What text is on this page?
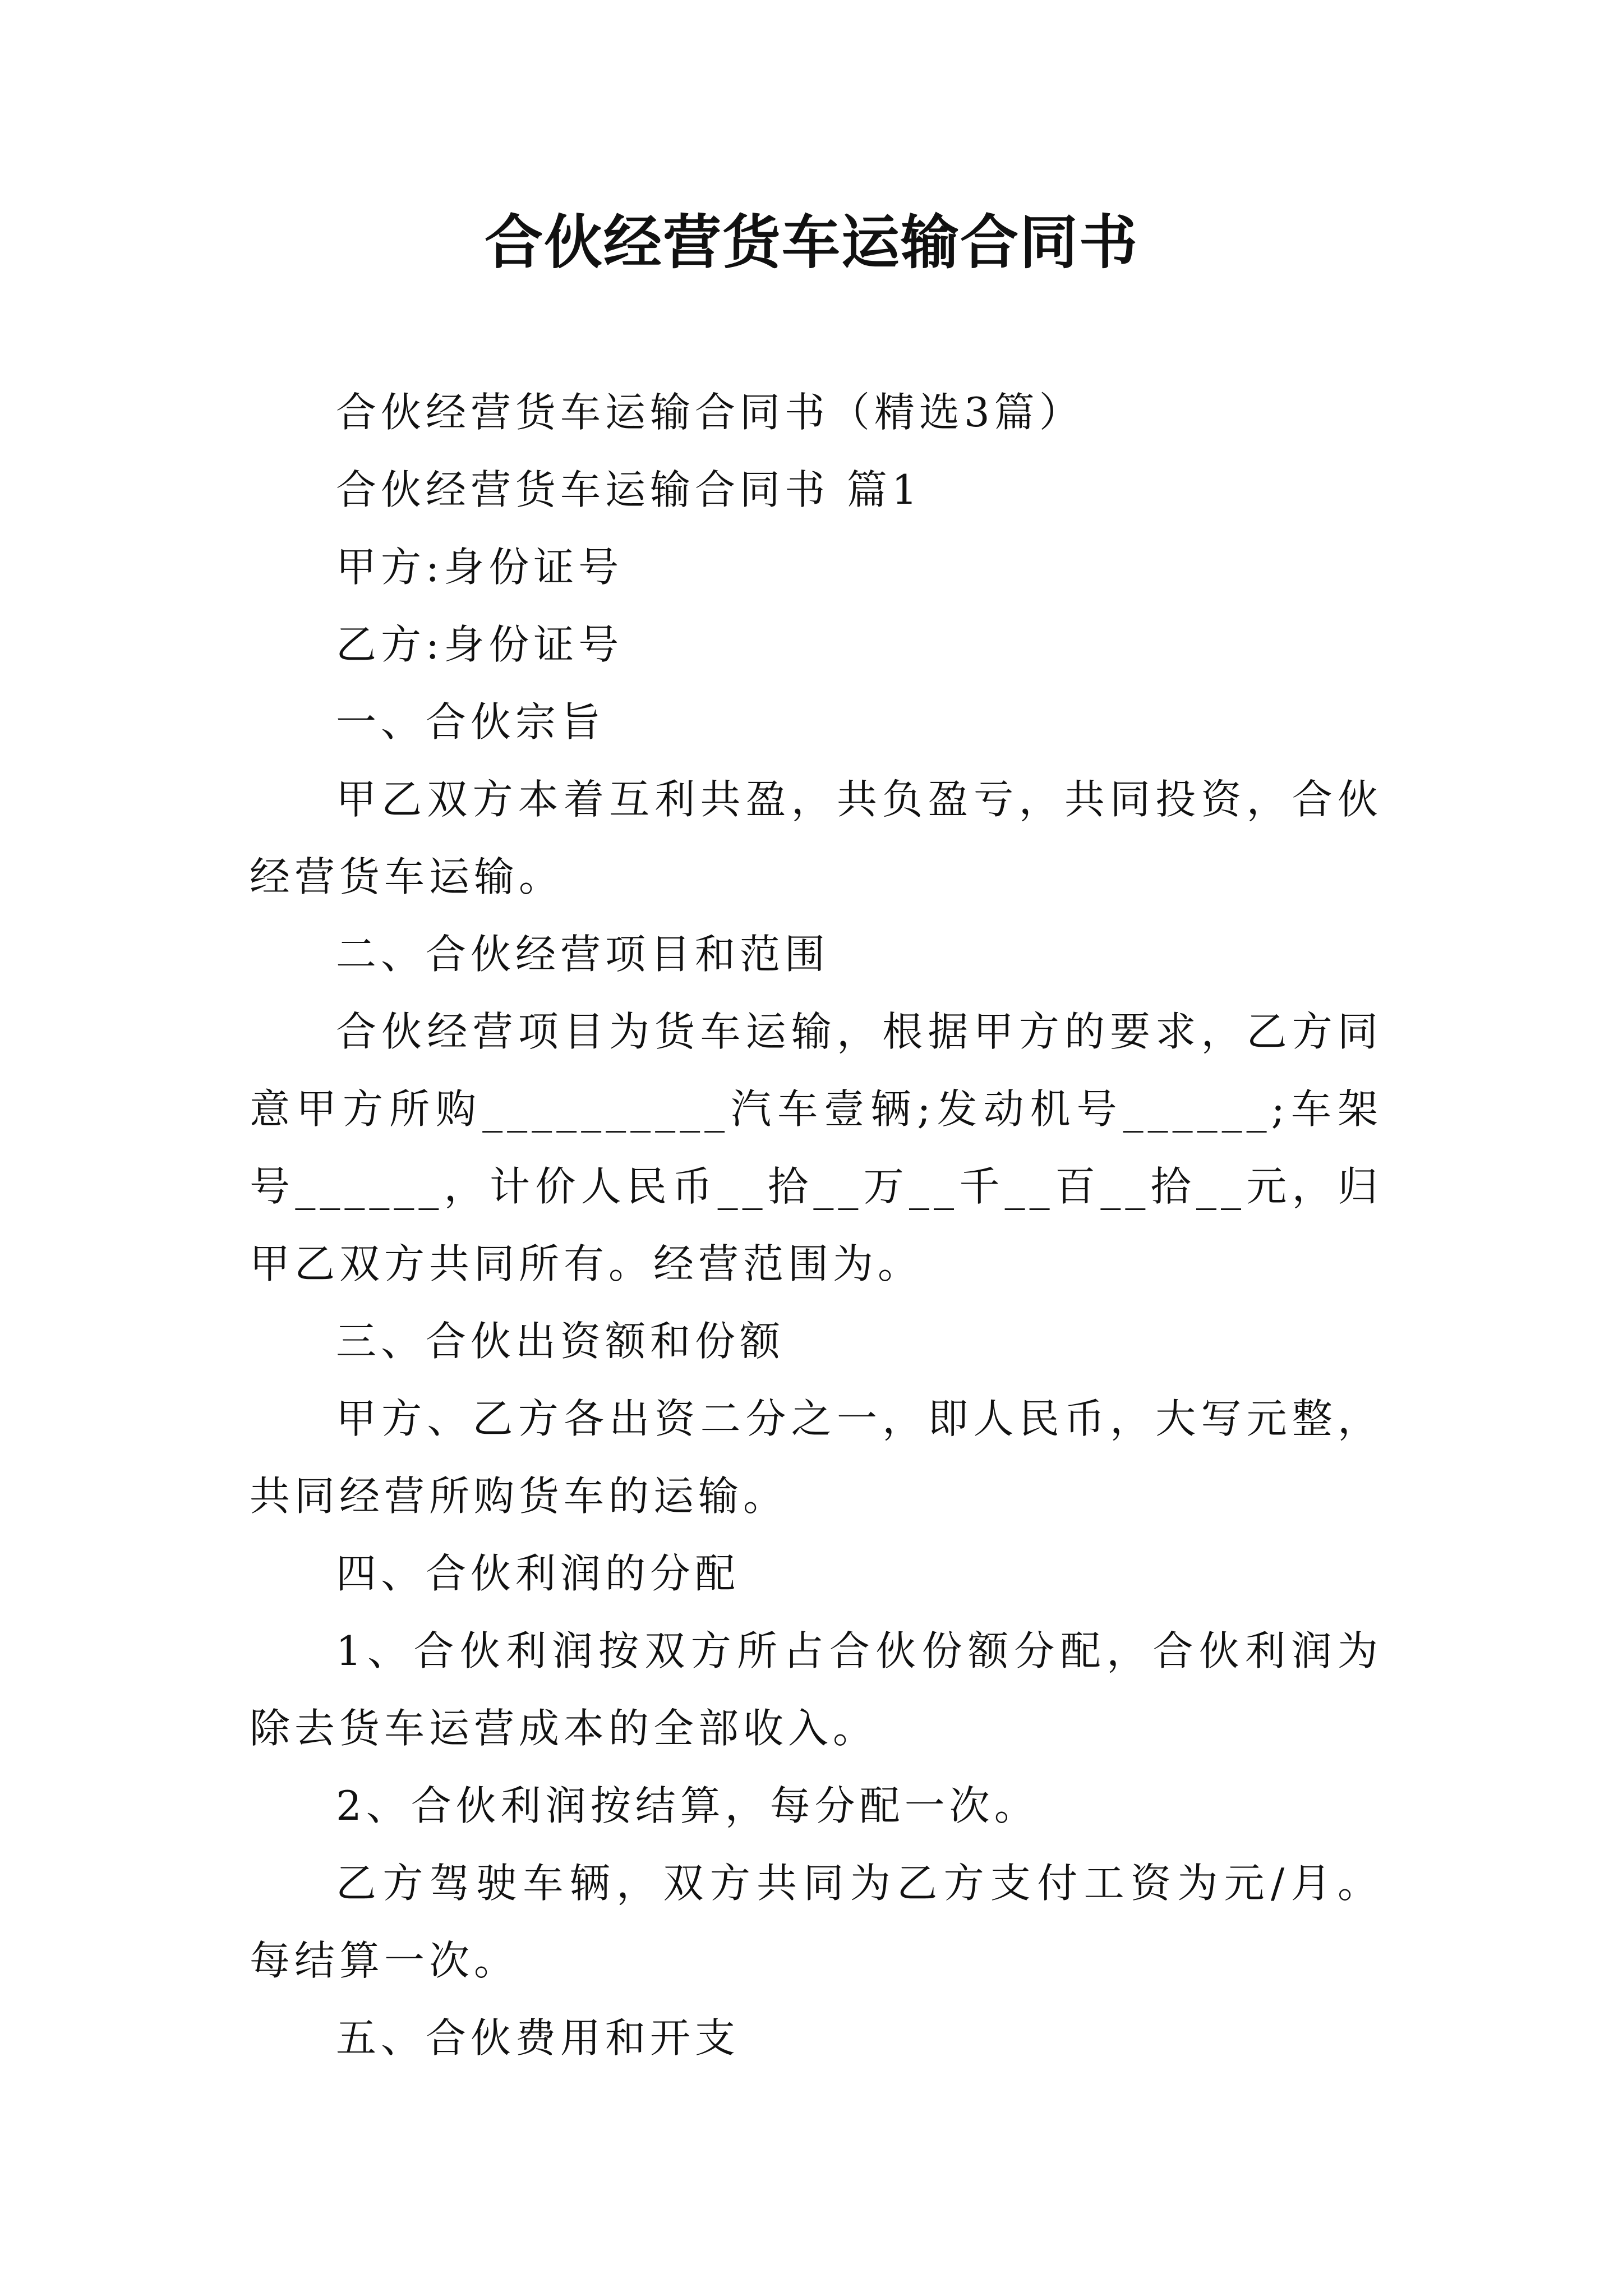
合伙经营货车运输合同书

合伙经营货车运输合同书（精选3篇）

合伙经营货车运输合同书 篇1

甲方:身份证号

乙方:身份证号

一、合伙宗旨

甲乙双方本着互利共盈，共负盈亏，共同投资，合伙经营货车运输。

二、合伙经营项目和范围

合伙经营项目为货车运输，根据甲方的要求，乙方同意甲方所购__________汽车壹辆;发动机号______;车架号______，计价人民币__拾__万__千__百__拾__元，归甲乙双方共同所有。经营范围为。

三、合伙出资额和份额

甲方、乙方各出资二分之一，即人民币，大写元整，共同经营所购货车的运输。

四、合伙利润的分配

1、合伙利润按双方所占合伙份额分配，合伙利润为除去货车运营成本的全部收入。

2、合伙利润按结算，每分配一次。

乙方驾驶车辆，双方共同为乙方支付工资为元/月。每结算一次。

五、合伙费用和开支
